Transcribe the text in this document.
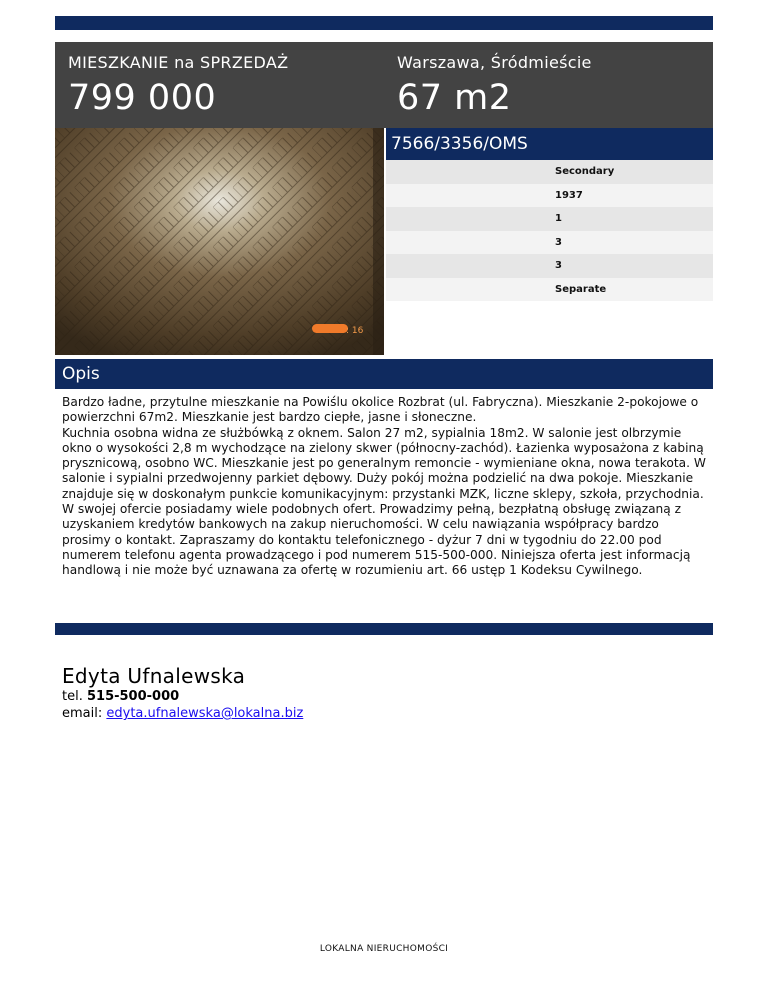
MIESZKANIE na SPRZEDAŻ
799 000
Warszawa, Śródmieście
67 m2
: 16
7566/3356/OMS
Secondary
1937
1
3
3
Separate
Opis
Bardzo ładne, przytulne mieszkanie na Powiślu okolice Rozbrat (ul. Fabryczna). Mieszkanie 2-pokojowe o powierzchni 67m2. Mieszkanie jest bardzo ciepłe, jasne i słoneczne.
Kuchnia osobna widna ze służbówką z oknem. Salon 27 m2, sypialnia 18m2. W salonie jest olbrzymie okno o wysokości 2,8 m wychodzące na zielony skwer (północny-zachód). Łazienka wyposażona z kabiną prysznicową, osobno WC. Mieszkanie jest po generalnym remoncie - wymieniane okna, nowa terakota. W salonie i sypialni przedwojenny parkiet dębowy. Duży pokój można podzielić na dwa pokoje. Mieszkanie znajduje się w doskonałym punkcie komunikacyjnym: przystanki MZK, liczne sklepy, szkoła, przychodnia.
W swojej ofercie posiadamy wiele podobnych ofert. Prowadzimy pełną, bezpłatną obsługę związaną z uzyskaniem kredytów bankowych na zakup nieruchomości. W celu nawiązania współpracy bardzo prosimy o kontakt. Zapraszamy do kontaktu telefonicznego - dyżur 7 dni w tygodniu do 22.00 pod numerem telefonu agenta prowadzącego i pod numerem 515-500-000. Niniejsza oferta jest informacją handlową i nie może być uznawana za ofertę w rozumieniu art. 66 ustęp 1 Kodeksu Cywilnego.
Edyta Ufnalewska
tel. 515-500-000
email: edyta.ufnalewska@lokalna.biz
LOKALNA NIERUCHOMOŚCI
